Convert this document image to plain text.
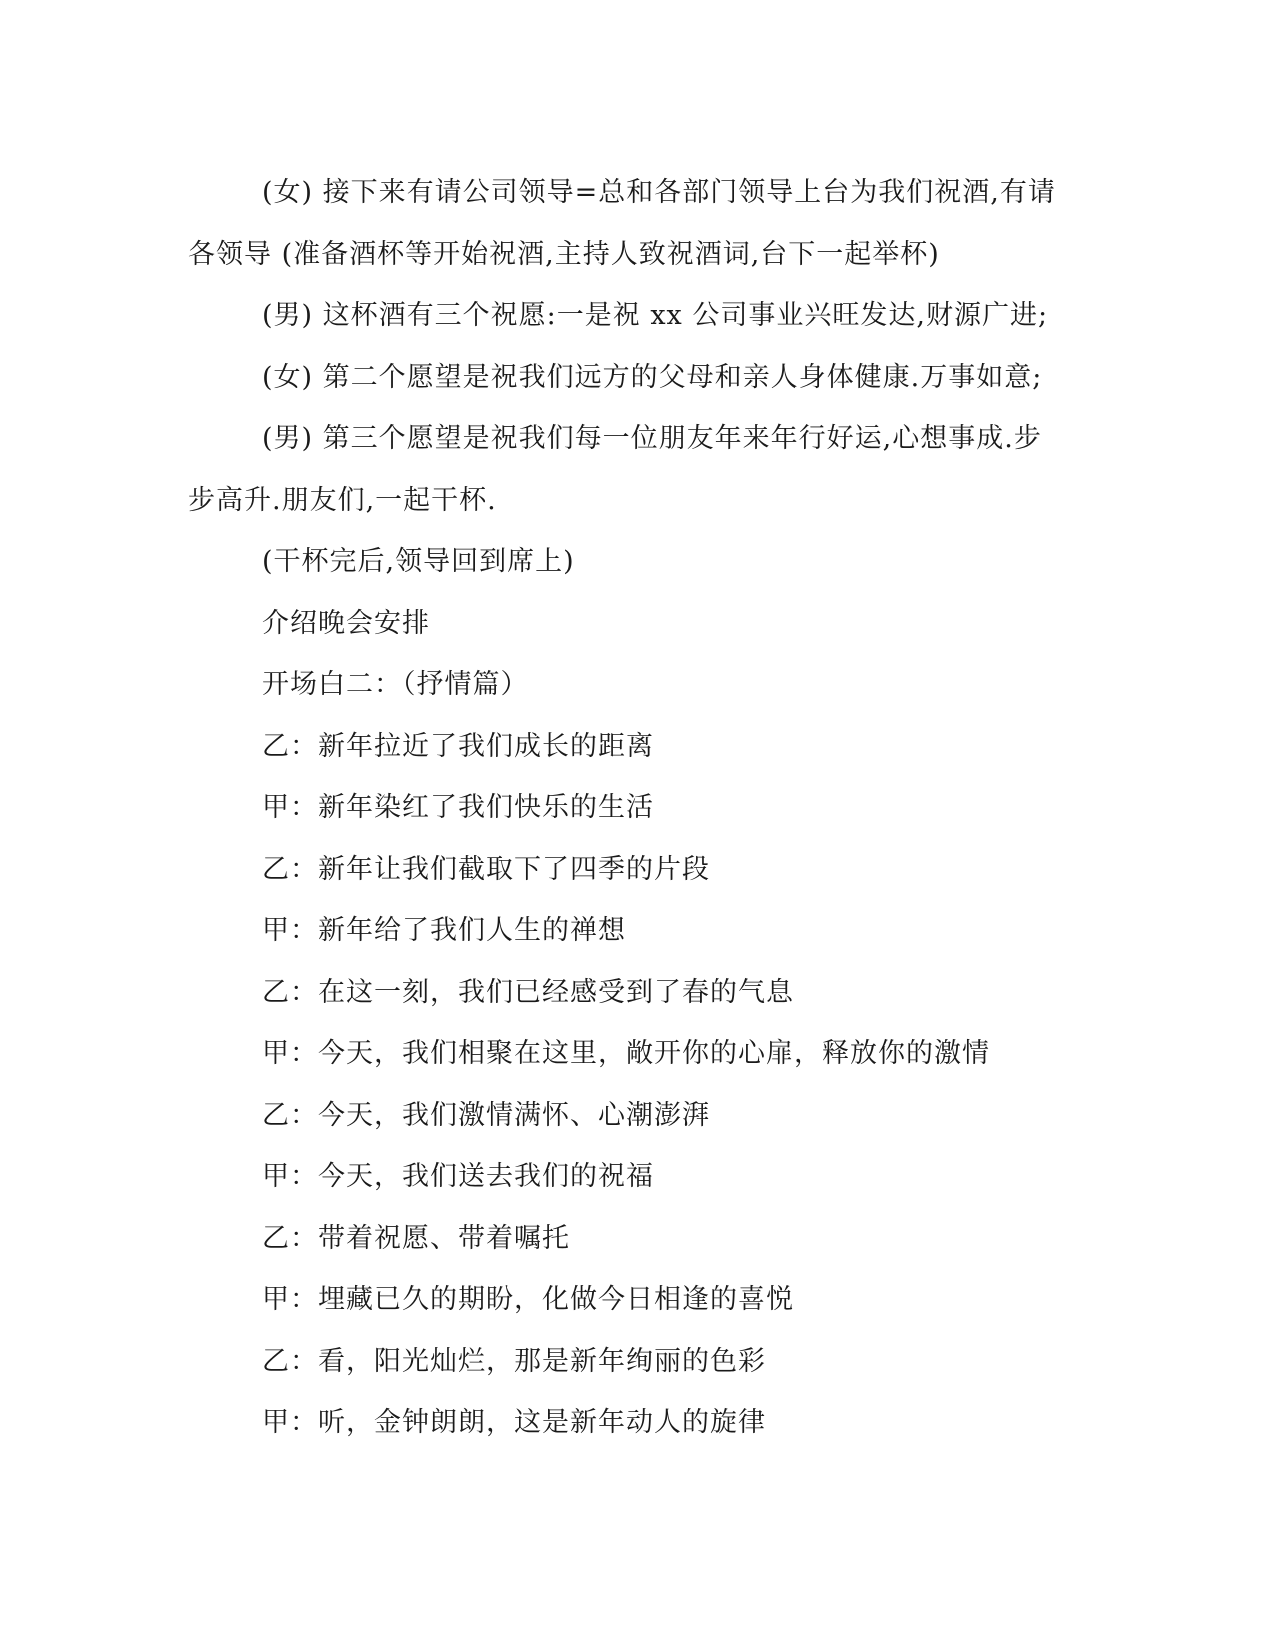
(女) 接下来有请公司领导=总和各部门领导上台为我们祝酒,有请各领导 (准备酒杯等开始祝酒,主持人致祝酒词,台下一起举杯)

(男) 这杯酒有三个祝愿:一是祝 xx 公司事业兴旺发达,财源广进;

(女) 第二个愿望是祝我们远方的父母和亲人身体健康.万事如意;

(男) 第三个愿望是祝我们每一位朋友年来年行好运,心想事成.步步高升.朋友们,一起干杯.

(干杯完后,领导回到席上)

介绍晚会安排

开场白二：（抒情篇）

乙：新年拉近了我们成长的距离

甲：新年染红了我们快乐的生活

乙：新年让我们截取下了四季的片段

甲：新年给了我们人生的禅想

乙：在这一刻，我们已经感受到了春的气息

甲：今天，我们相聚在这里，敞开你的心扉，释放你的激情

乙：今天，我们激情满怀、心潮澎湃

甲：今天，我们送去我们的祝福

乙：带着祝愿、带着嘱托

甲：埋藏已久的期盼，化做今日相逢的喜悦

乙：看，阳光灿烂，那是新年绚丽的色彩

甲：听，金钟朗朗，这是新年动人的旋律
